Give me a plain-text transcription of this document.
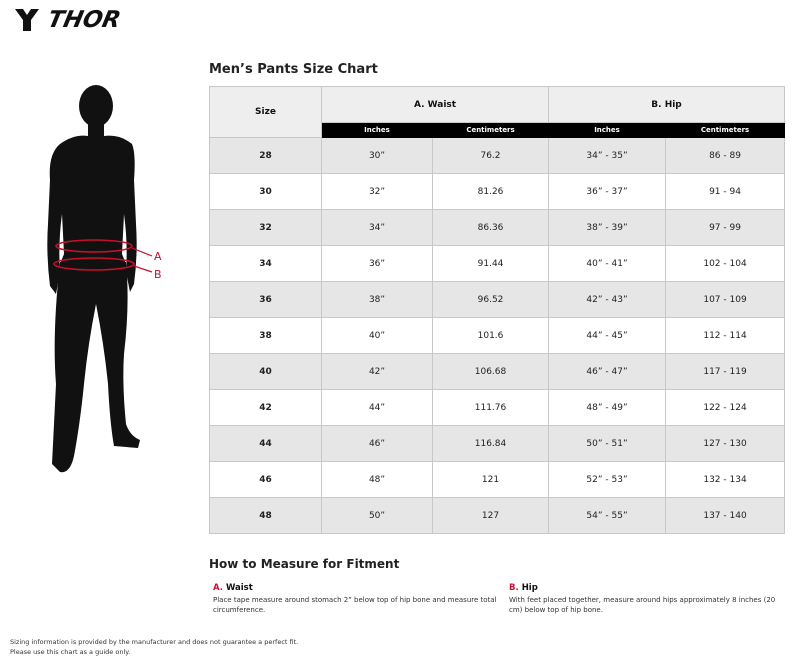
THOR
A
B
Men’s Pants Size Chart
Size	A. Waist		B. Hip	
	Inches	Centimeters	Inches	Centimeters
28	30”	76.2	34” - 35”	86 - 89
30	32”	81.26	36” - 37”	91 - 94
32	34”	86.36	38” - 39”	97 - 99
34	36”	91.44	40” - 41”	102 - 104
36	38”	96.52	42” - 43”	107 - 109
38	40”	101.6	44” - 45”	112 - 114
40	42”	106.68	46” - 47”	117 - 119
42	44”	111.76	48” - 49”	122 - 124
44	46”	116.84	50” - 51”	127 - 130
46	48”	121	52” - 53”	132 - 134
48	50”	127	54” - 55”	137 - 140
How to Measure for Fitment
A. Waist
Place tape measure around stomach 2” below top of hip bone and measure total circumference.
B. Hip
With feet placed together, measure around hips approximately 8 inches (20 cm) below top of hip bone.
Sizing information is provided by the manufacturer and does not guarantee a perfect fit.
Please use this chart as a guide only.
